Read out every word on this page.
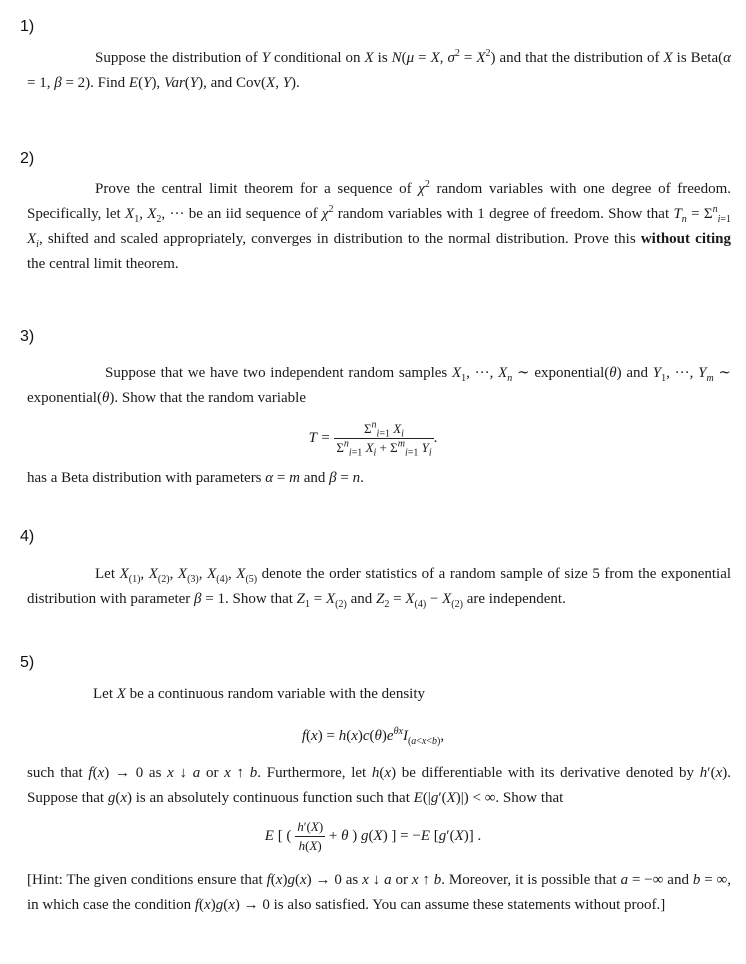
1)
Suppose the distribution of Y conditional on X is N(μ = X, $\sigma^2 = X^2$) and that the distribution of X is Beta(α = 1, β = 2). Find E(Y), Var(Y), and Cov(X, Y).
2)
Prove the central limit theorem for a sequence of $\chi^2$ random variables with one degree of freedom. Specifically, let $X_1$, $X_2$, ··· be an iid sequence of $\chi^2$ random variables with 1 degree of freedom. Show that $T_n = \Sigma^n_{i=1}$ $X_i$, shifted and scaled appropriately, converges in distribution to the normal distribution. Prove this without citing the central limit theorem.
3)
Suppose that we have two independent random samples $X_1$, ···, $X_n$ ∼ exponential(θ) and $Y_1$, ···, $Y_m$ ∼ exponential(θ). Show that the random variable
$T = \frac{\Sigma^n_{i=1} X_i}{\Sigma^n_{i=1} X_i + \Sigma^m_{i=1} Y_i}$ .
has a Beta distribution with parameters α = m and β = n.
4)
Let $X_{(1)}$, $X_{(2)}$, $X_{(3)}$, $X_{(4)}$, $X_{(5)}$ denote the order statistics of a random sample of size 5 from the exponential distribution with parameter β = 1. Show that $Z_1 = X_{(2)}$ and $Z_2 = X_{(4)} - X_{(2)}$ are independent.
5)
Let X be a continuous random variable with the density
$f(x) = h(x)c(\theta)e^{\theta x}I_{(a<x<b)}$,
such that f(x) → 0 as x ↓ a or x ↑ b. Furthermore, let h(x) be differentiable with its derivative denoted by h′(x). Suppose that g(x) is an absolutely continuous function such that E(|g′(X)|) < ∞. Show that
E [ ( $\frac{h'(X)}{h(X)} + \theta$ ) g(X) ] = −E [g′(X)] .
[Hint: The given conditions ensure that f(x)g(x) → 0 as x ↓ a or x ↑ b. Moreover, it is possible that a = −∞ and b = ∞, in which case the condition f(x)g(x) → 0 is also satisfied. You can assume these statements without proof.]
